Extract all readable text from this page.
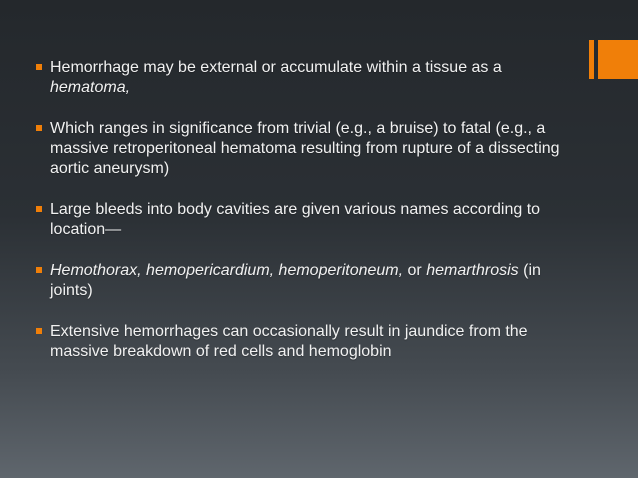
Hemorrhage may be external or accumulate within a tissue as a hematoma,
Which ranges in significance from trivial (e.g., a bruise) to fatal (e.g., a massive retroperitoneal hematoma resulting from rupture of a dissecting aortic aneurysm)
Large bleeds into body cavities are given various names according to location—
Hemothorax, hemopericardium, hemoperitoneum, or hemarthrosis (in joints)
Extensive hemorrhages can occasionally result in jaundice from the massive breakdown of red cells and hemoglobin
